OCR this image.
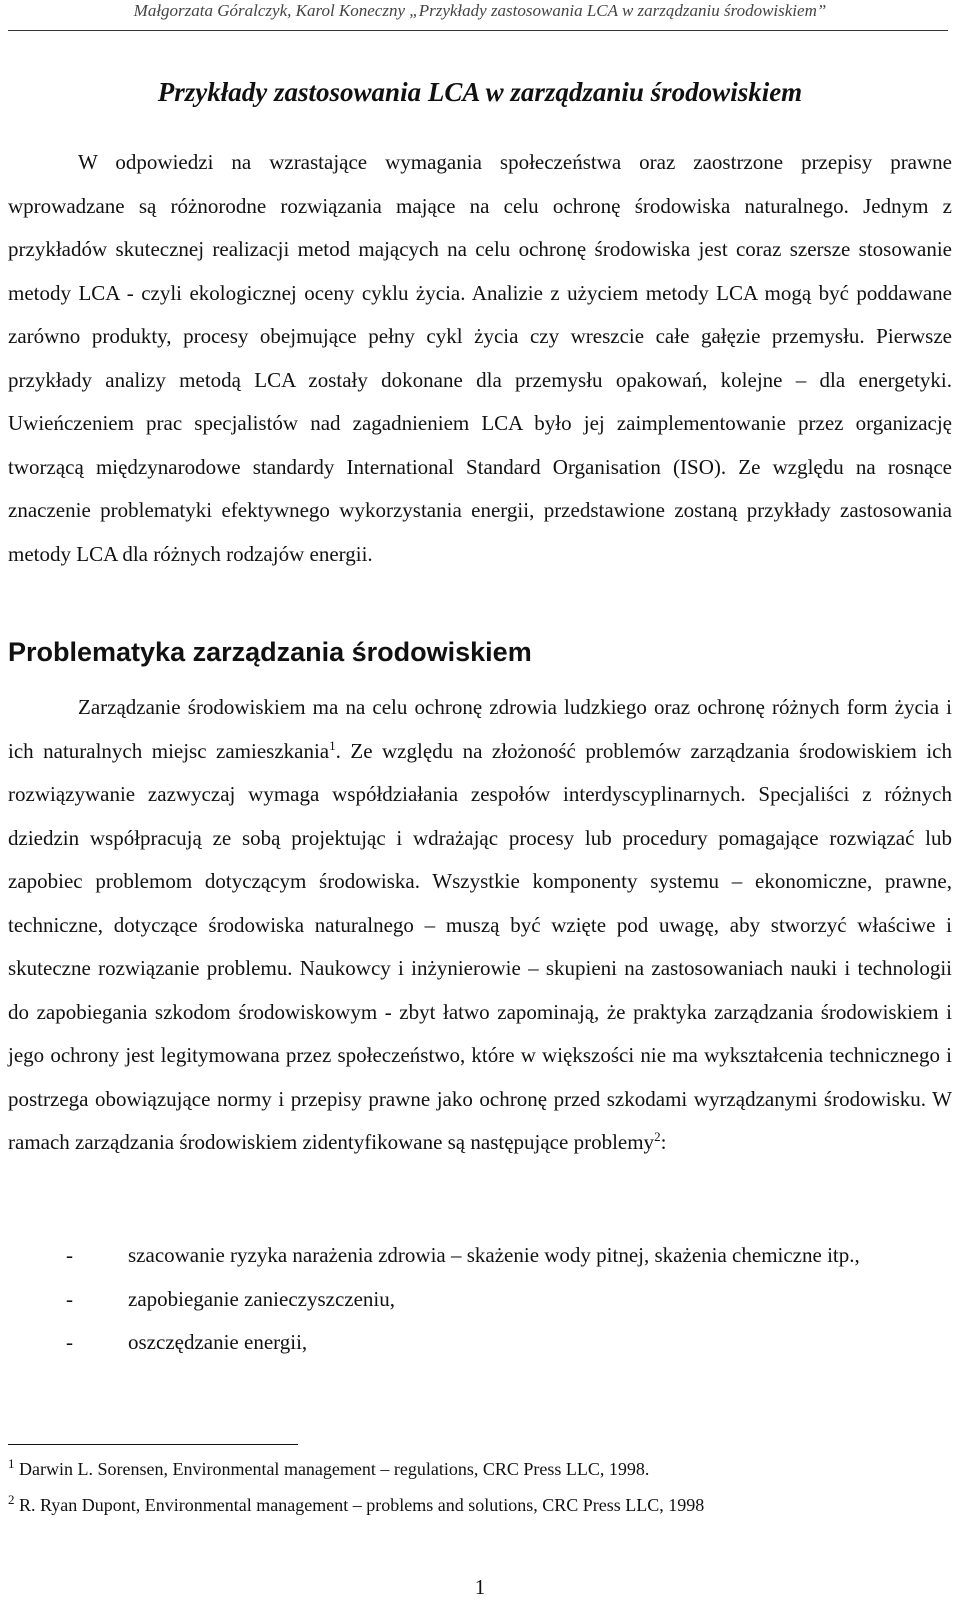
Małgorzata Góralczyk, Karol Koneczny „Przykłady zastosowania LCA w zarządzaniu środowiskiem”
Przykłady zastosowania LCA w zarządzaniu środowiskiem

W odpowiedzi na wzrastające wymagania społeczeństwa oraz zaostrzone przepisy prawne wprowadzane są różnorodne rozwiązania mające na celu ochronę środowiska naturalnego. Jednym z przykładów skutecznej realizacji metod mających na celu ochronę środowiska jest coraz szersze stosowanie metody LCA - czyli ekologicznej oceny cyklu życia. Analizie z użyciem metody LCA mogą być poddawane zarówno produkty, procesy obejmujące pełny cykl życia czy wreszcie całe gałęzie przemysłu. Pierwsze przykłady analizy metodą LCA zostały dokonane dla przemysłu opakowań, kolejne – dla energetyki. Uwieńczeniem prac specjalistów nad zagadnieniem LCA było jej zaimplementowanie przez organizację tworzącą międzynarodowe standardy International Standard Organisation (ISO). Ze względu na rosnące znaczenie problematyki efektywnego wykorzystania energii, przedstawione zostaną przykłady zastosowania metody LCA dla różnych rodzajów energii.

Problematyka zarządzania środowiskiem

Zarządzanie środowiskiem ma na celu ochronę zdrowia ludzkiego oraz ochronę różnych form życia i ich naturalnych miejsc zamieszkania$^1$. Ze względu na złożoność problemów zarządzania środowiskiem ich rozwiązywanie zazwyczaj wymaga współdziałania zespołów interdyscyplinarnych. Specjaliści z różnych dziedzin współpracują ze sobą projektując i wdrażając procesy lub procedury pomagające rozwiązać lub zapobiec problemom dotyczącym środowiska. Wszystkie komponenty systemu – ekonomiczne, prawne, techniczne, dotyczące środowiska naturalnego – muszą być wzięte pod uwagę, aby stworzyć właściwe i skuteczne rozwiązanie problemu. Naukowcy i inżynierowie – skupieni na zastosowaniach nauki i technologii do zapobiegania szkodom środowiskowym - zbyt łatwo zapominają, że praktyka zarządzania środowiskiem i jego ochrony jest legitymowana przez społeczeństwo, które w większości nie ma wykształcenia technicznego i postrzega obowiązujące normy i przepisy prawne jako ochronę przed szkodami wyrządzanymi środowisku. W ramach zarządzania środowiskiem zidentyfikowane są następujące problemy$^2$:

-	szacowanie ryzyka narażenia zdrowia – skażenie wody pitnej, skażenia chemiczne itp.,
-	zapobieganie zanieczyszczeniu,
-	oszczędzanie energii,
$^1$ Darwin L. Sorensen, Environmental management – regulations, CRC Press LLC, 1998.
$^2$ R. Ryan Dupont, Environmental management – problems and solutions, CRC Press LLC, 1998
1
